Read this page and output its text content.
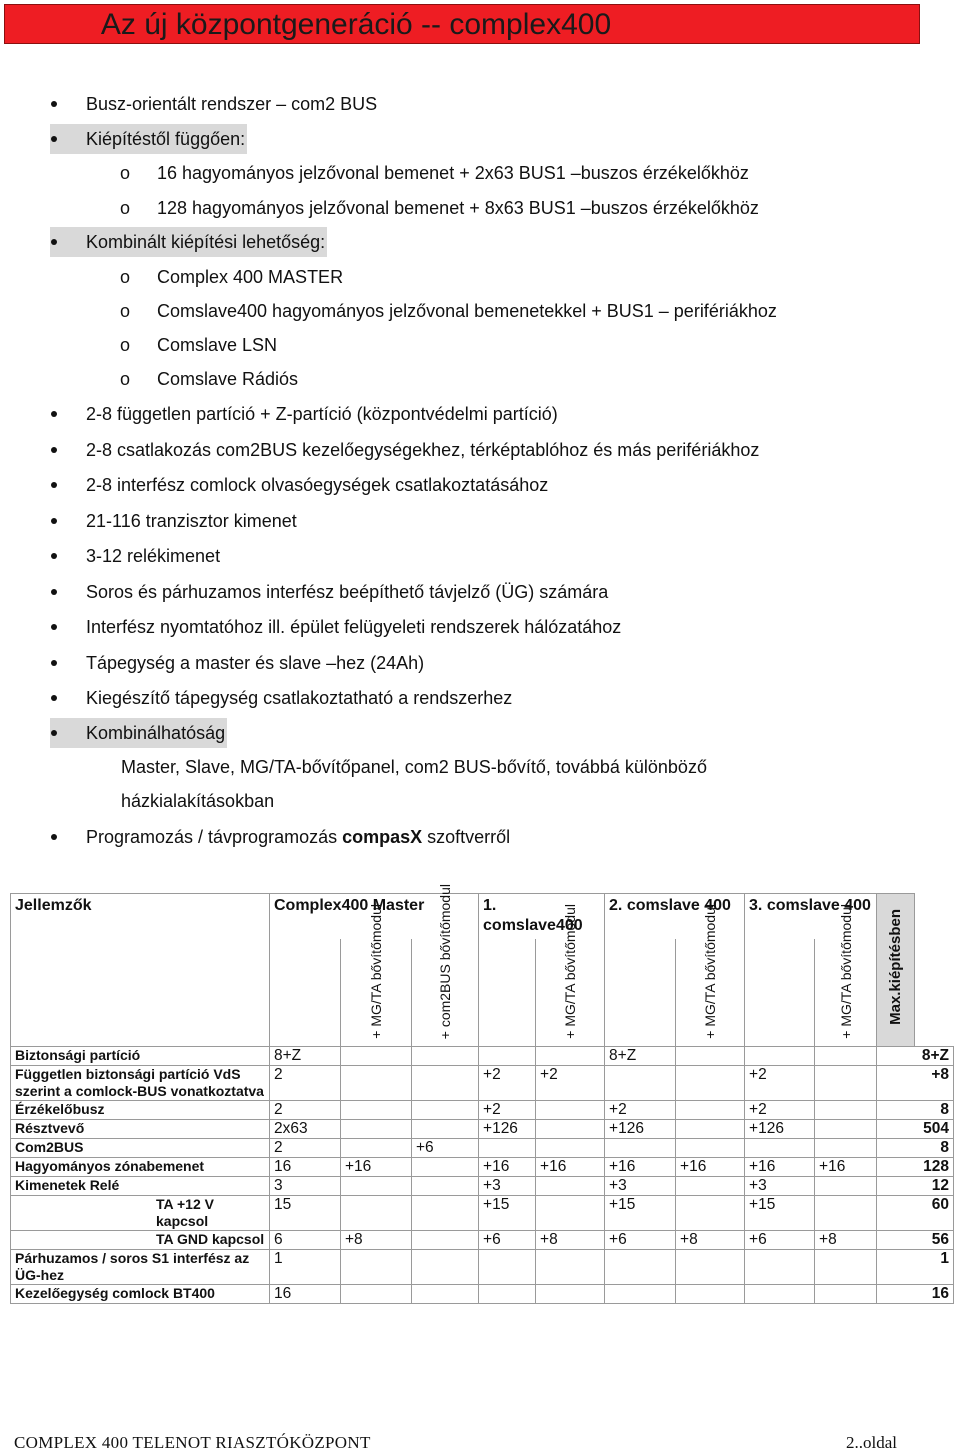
Az új központgeneráció -- complex400
Busz-orientált rendszer – com2 BUS
Kiépítéstől függően:
o 16 hagyományos jelzővonal bemenet + 2x63 BUS1 –buszos érzékelőkhöz
o 128 hagyományos jelzővonal bemenet + 8x63 BUS1 –buszos érzékelőkhöz
Kombinált kiépítési lehetőség:
o Complex 400 MASTER
o Comslave400 hagyományos jelzővonal bemenetekkel + BUS1 – perifériákhoz
o Comslave LSN
o Comslave Rádiós
2-8 független partíció + Z-partíció (központvédelmi partíció)
2-8 csatlakozás com2BUS kezelőegységekhez, térképtablóhoz és más perifériákhoz
2-8 interfész comlock olvasóegységek csatlakoztatásához
21-116 tranzisztor kimenet
3-12 relékimenet
Soros és párhuzamos interfész beépíthető távjelző (ÜG) számára
Interfész nyomtatóhoz ill. épület felügyeleti rendszerek hálózatához
Tápegység a master és slave –hez (24Ah)
Kiegészítő tápegység csatlakoztatható a rendszerhez
Kombinálhatóság
Master, Slave, MG/TA-bővítőpanel, com2 BUS-bővítő, továbbá különböző
házkialakításokban
Programozás / távprogramozás compasX szoftverről
Jellemzők	Complex400 Master			1. comslave400		2. comslave 400		3. comslave 400		Max.kiépítésben

		+ MG/TA bővítőmodul	+ com2BUS bővítőmodul		+ MG/TA bővítőmodul		+ MG/TA bővítőmodul		+ MG/TA bővítőmodul	

Biztonsági partíció	8+Z					8+Z				8+Z
Független biztonsági partíció VdS szerint a comlock-BUS vonatkoztatva	2			+2	+2			+2		+8
Érzékelőbusz	2			+2		+2		+2		8
Résztvevő	2x63			+126		+126		+126		504
Com2BUS	2		+6							8
Hagyományos zónabemenet	16	+16		+16	+16	+16	+16	+16	+16	128
Kimenetek Relé	3			+3		+3		+3		12
TA +12 V kapcsol	15			+15		+15		+15		60
TA GND kapcsol	6	+8		+6	+8	+6	+8	+6	+8	56
Párhuzamos / soros S1 interfész az ÜG-hez	1									1
Kezelőegység comlock BT400	16									16
COMPLEX 400 TELENOT RIASZTÓKÖZPONT	2..oldal
